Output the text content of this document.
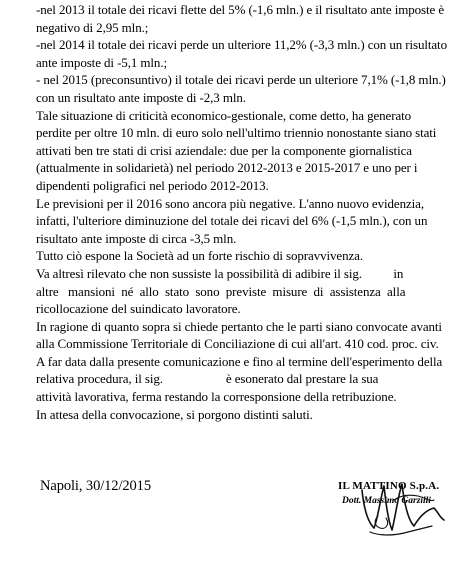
-nel 2013 il totale dei ricavi flette del 5% (-1,6 mln.) e il risultato ante imposte è

negativo di 2,95 mln.;

-nel 2014 il totale dei ricavi perde un ulteriore 11,2% (-3,3 mln.) con un risultato

ante imposte di -5,1 mln.;

- nel 2015 (preconsuntivo) il totale dei ricavi perde un ulteriore 7,1% (-1,8 mln.)

con un risultato ante imposte di -2,3 mln.

Tale situazione di criticità economico-gestionale, come detto, ha generato

perdite per oltre 10 mln. di euro solo nell'ultimo triennio nonostante siano stati

attivati ben tre stati di crisi aziendale: due per la componente giornalistica

(attualmente in solidarietà) nel periodo 2012-2013 e 2015-2017 e uno per i

dipendenti poligrafici nel periodo 2012-2013.

Le previsioni per il 2016 sono ancora più negative. L'anno nuovo evidenzia,

infatti, l'ulteriore diminuzione del totale dei ricavi del 6% (-1,5 mln.), con un

risultato ante imposte di circa -3,5 mln.

Tutto ciò espone la Società ad un forte rischio di sopravvivenza.

Va altresì rilevato che non sussiste la possibilità di adibire il sig.          in

altre   mansioni  né  allo  stato  sono  previste  misure  di  assistenza  alla

ricollocazione del suindicato lavoratore.

In ragione di quanto sopra si chiede pertanto che le parti siano convocate avanti

alla Commissione Territoriale di Conciliazione di cui all'art. 410 cod. proc. civ.

A far data dalla presente comunicazione e fino al termine dell'esperimento della

relativa procedura, il sig.                    è esonerato dal prestare la sua

attività lavorativa, ferma restando la corresponsione della retribuzione.

In attesa della convocazione, si porgono distinti saluti.

Napoli, 30/12/2015	IL MATTINO S.p.A.
Dott. Massimo Garzilli
